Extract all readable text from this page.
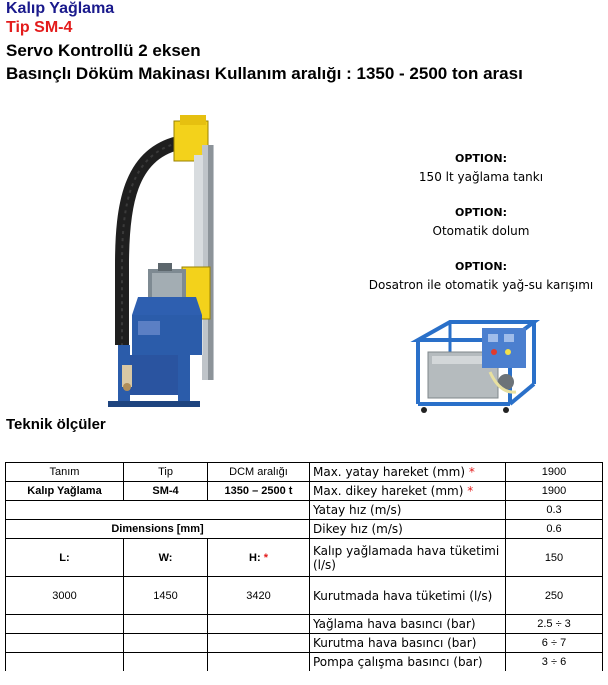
Kalıp Yağlama
Tip SM-4
Servo Kontrollü 2 eksen
Basınçlı Döküm Makinası Kullanım aralığı : 1350 - 2500 ton arası
OPTION:
150 lt yağlama tankı
OPTION:
Otomatik dolum
OPTION:
Dosatron ile otomatik yağ-su karışımı
Teknik ölçüler
Tanım	Tip	DCM aralığı	Max. yatay hareket (mm) *	1900
Kalıp Yağlama	SM-4	1350 – 2500 t	Max. dikey hareket (mm) *	1900
			Yatay hız (m/s)	0.3
Dimensions [mm]			Dikey hız (m/s)	0.6
L:	W:	H: *	Kalıp yağlamada hava tüketimi (l/s)	150
3000	1450	3420	Kurutmada hava tüketimi (l/s)	250
			Yağlama hava basıncı (bar)	2.5 ÷ 3
			Kurutma hava basıncı (bar)	6 ÷ 7
			Pompa çalışma basıncı (bar)	3 ÷ 6
